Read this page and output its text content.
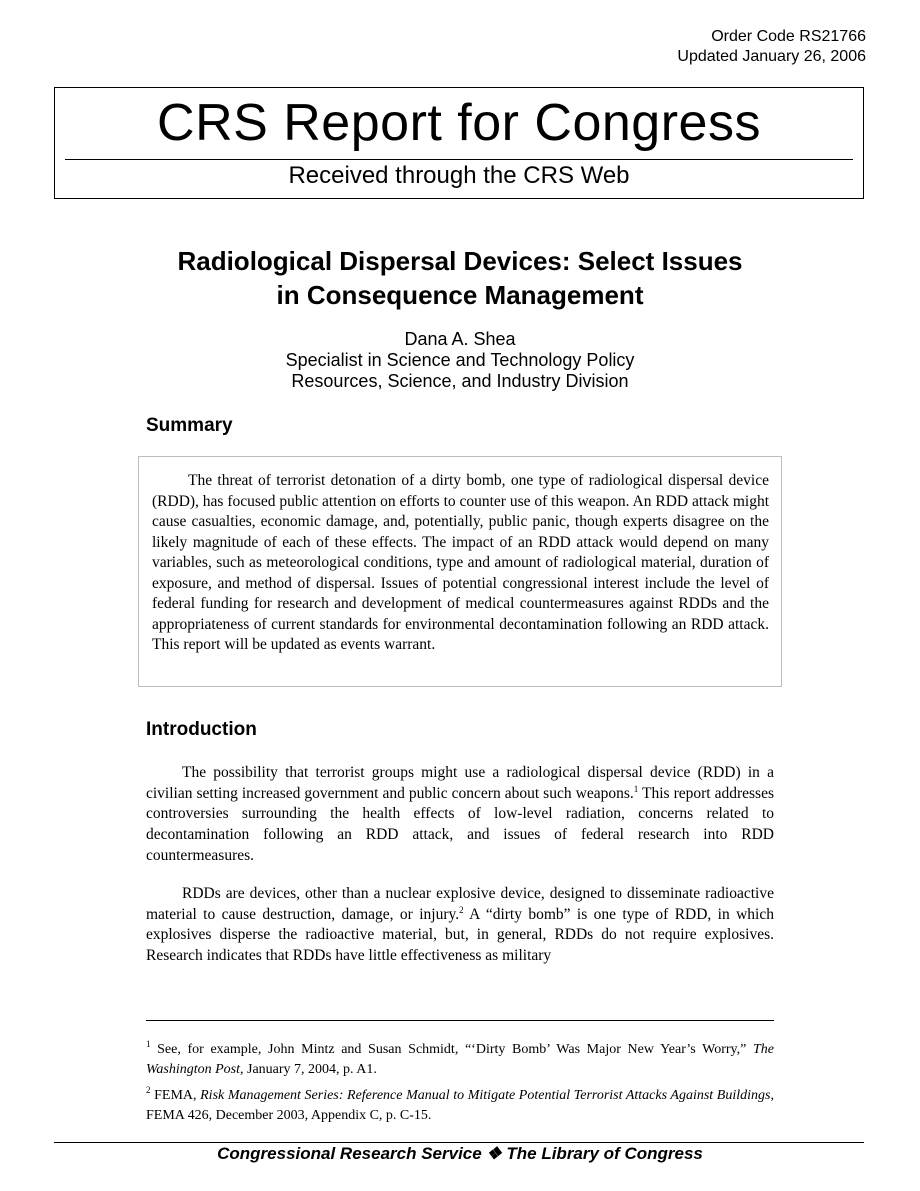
Order Code RS21766
Updated January 26, 2006
CRS Report for Congress
Received through the CRS Web
Radiological Dispersal Devices: Select Issues
in Consequence Management
Dana A. Shea
Specialist in Science and Technology Policy
Resources, Science, and Industry Division
Summary

The threat of terrorist detonation of a dirty bomb, one type of radiological dispersal device (RDD), has focused public attention on efforts to counter use of this weapon. An RDD attack might cause casualties, economic damage, and, potentially, public panic, though experts disagree on the likely magnitude of each of these effects. The impact of an RDD attack would depend on many variables, such as meteorological conditions, type and amount of radiological material, duration of exposure, and method of dispersal. Issues of potential congressional interest include the level of federal funding for research and development of medical countermeasures against RDDs and the appropriateness of current standards for environmental decontamination following an RDD attack. This report will be updated as events warrant.

Introduction

The possibility that terrorist groups might use a radiological dispersal device (RDD) in a civilian setting increased government and public concern about such weapons.$^1$ This report addresses controversies surrounding the health effects of low-level radiation, concerns related to decontamination following an RDD attack, and issues of federal research into RDD countermeasures.

RDDs are devices, other than a nuclear explosive device, designed to disseminate radioactive material to cause destruction, damage, or injury.$^2$ A “dirty bomb” is one type of RDD, in which explosives disperse the radioactive material, but, in general, RDDs do not require explosives. Research indicates that RDDs have little effectiveness as military

$^1$ See, for example, John Mintz and Susan Schmidt, “‘Dirty Bomb’ Was Major New Year’s Worry,” The Washington Post, January 7, 2004, p. A1.

$^2$ FEMA, Risk Management Series: Reference Manual to Mitigate Potential Terrorist Attacks Against Buildings, FEMA 426, December 2003, Appendix C, p. C-15.

Congressional Research Service ❖ The Library of Congress
